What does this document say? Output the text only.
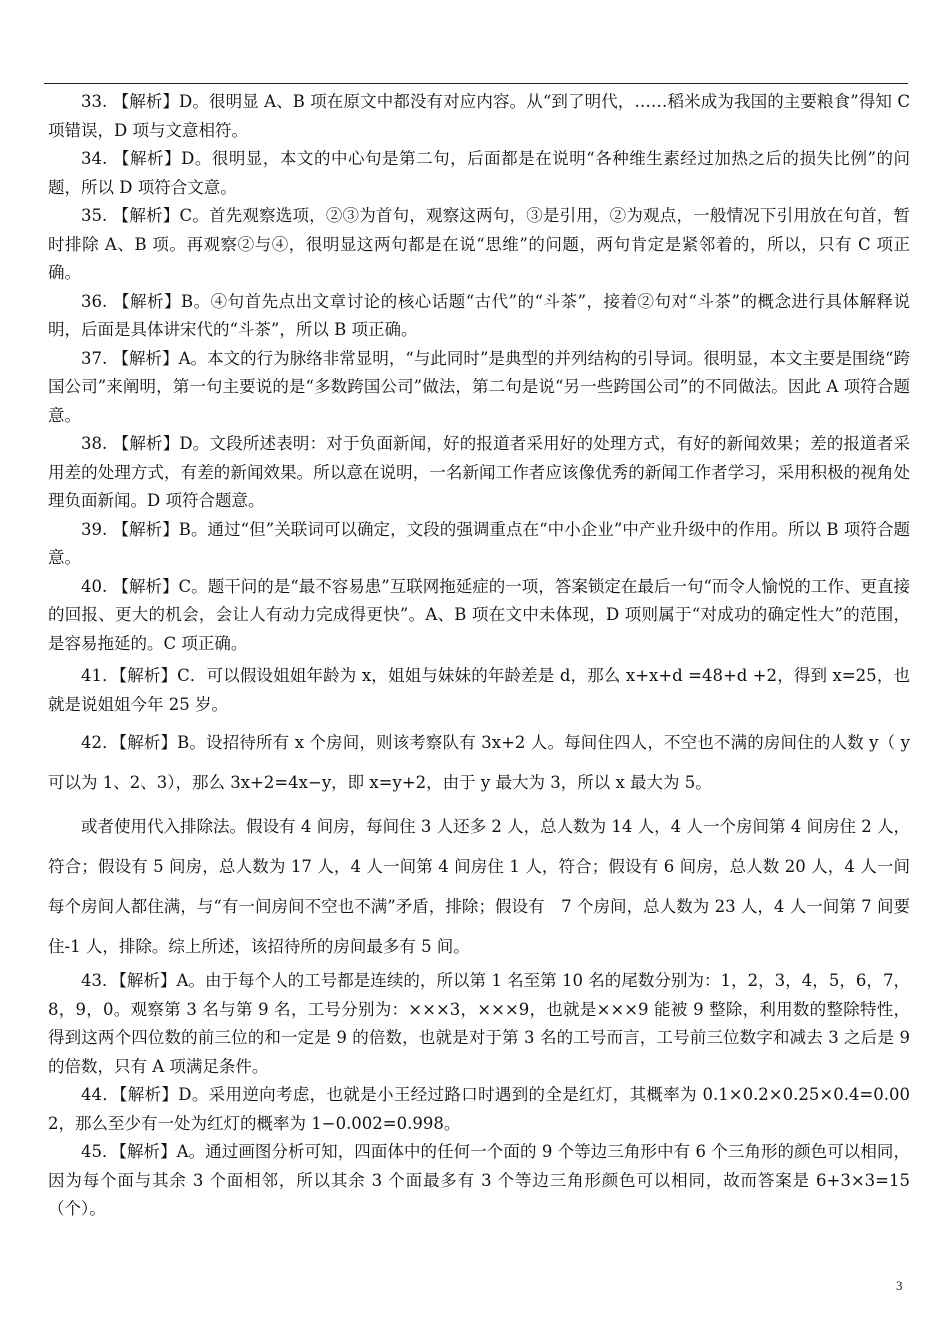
33. 【解析】D。很明显 A、B 项在原文中都没有对应内容。从“到了明代，……稻米成为我国的主要粮食”得知 C 项错误，D 项与文意相符。

34. 【解析】D。很明显，本文的中心句是第二句，后面都是在说明“各种维生素经过加热之后的损失比例”的问题，所以 D 项符合文意。

35. 【解析】C。首先观察选项，②③为首句，观察这两句，③是引用，②为观点，一般情况下引用放在句首，暂时排除 A、B 项。再观察②与④，很明显这两句都是在说“思维”的问题，两句肯定是紧邻着的，所以，只有 C 项正确。

36. 【解析】B。④句首先点出文章讨论的核心话题“古代”的“斗茶”，接着②句对“斗茶”的概念进行具体解释说明，后面是具体讲宋代的“斗茶”，所以 B 项正确。

37. 【解析】A。本文的行为脉络非常显明，“与此同时”是典型的并列结构的引导词。很明显，本文主要是围绕“跨国公司”来阐明，第一句主要说的是“多数跨国公司”做法，第二句是说“另一些跨国公司”的不同做法。因此 A 项符合题意。

38. 【解析】D。文段所述表明：对于负面新闻，好的报道者采用好的处理方式，有好的新闻效果；差的报道者采用差的处理方式，有差的新闻效果。所以意在说明，一名新闻工作者应该像优秀的新闻工作者学习，采用积极的视角处理负面新闻。D 项符合题意。

39. 【解析】B。通过“但”关联词可以确定，文段的强调重点在“中小企业”中产业升级中的作用。所以 B 项符合题意。

40. 【解析】C。题干问的是“最不容易患”互联网拖延症的一项，答案锁定在最后一句“而令人愉悦的工作、更直接的回报、更大的机会，会让人有动力完成得更快”。A、B 项在文中未体现，D 项则属于“对成功的确定性大”的范围，是容易拖延的。C 项正确。

41．【解析】C．可以假设姐姐年龄为 x，姐姐与妹妹的年龄差是 d，那么 x+x+d =48+d +2，得到 x=25，也就是说姐姐今年 25 岁。

42．【解析】B。设招待所有 x 个房间，则该考察队有 3x+2 人。每间住四人，不空也不满的房间住的人数 y（ y 可以为 1、2、3），那么 3x+2=4x−y，即 x=y+2，由于 y 最大为 3，所以 x 最大为 5。

或者使用代入排除法。假设有 4 间房，每间住 3 人还多 2 人，总人数为 14 人，4 人一个房间第 4 间房住 2 人，符合；假设有 5 间房，总人数为 17 人，4 人一间第 4 间房住 1 人，符合；假设有 6 间房，总人数 20 人，4 人一间每个房间人都住满，与“有一间房间不空也不满”矛盾，排除；假设有　7 个房间，总人数为 23 人，4 人一间第 7 间要住-1 人，排除。综上所述，该招待所的房间最多有 5 间。

43．【解析】A。由于每个人的工号都是连续的，所以第 1 名至第 10 名的尾数分别为：1，2，3，4，5，6，7，8，9，0。观察第 3 名与第 9 名，工号分别为：×××3，×××9，也就是×××9 能被 9 整除，利用数的整除特性，得到这两个四位数的前三位的和一定是 9 的倍数，也就是对于第 3 名的工号而言，工号前三位数字和减去 3 之后是 9 的倍数，只有 A 项满足条件。

44．【解析】D。采用逆向考虑，也就是小王经过路口时遇到的全是红灯，其概率为 0.1×0.2×0.25×0.4=0.002，那么至少有一处为红灯的概率为 1−0.002=0.998。

45．【解析】A。通过画图分析可知，四面体中的任何一个面的 9 个等边三角形中有 6 个三角形的颜色可以相同，因为每个面与其余 3 个面相邻，所以其余 3 个面最多有 3 个等边三角形颜色可以相同，故而答案是 6+3×3=15（个）。

3
